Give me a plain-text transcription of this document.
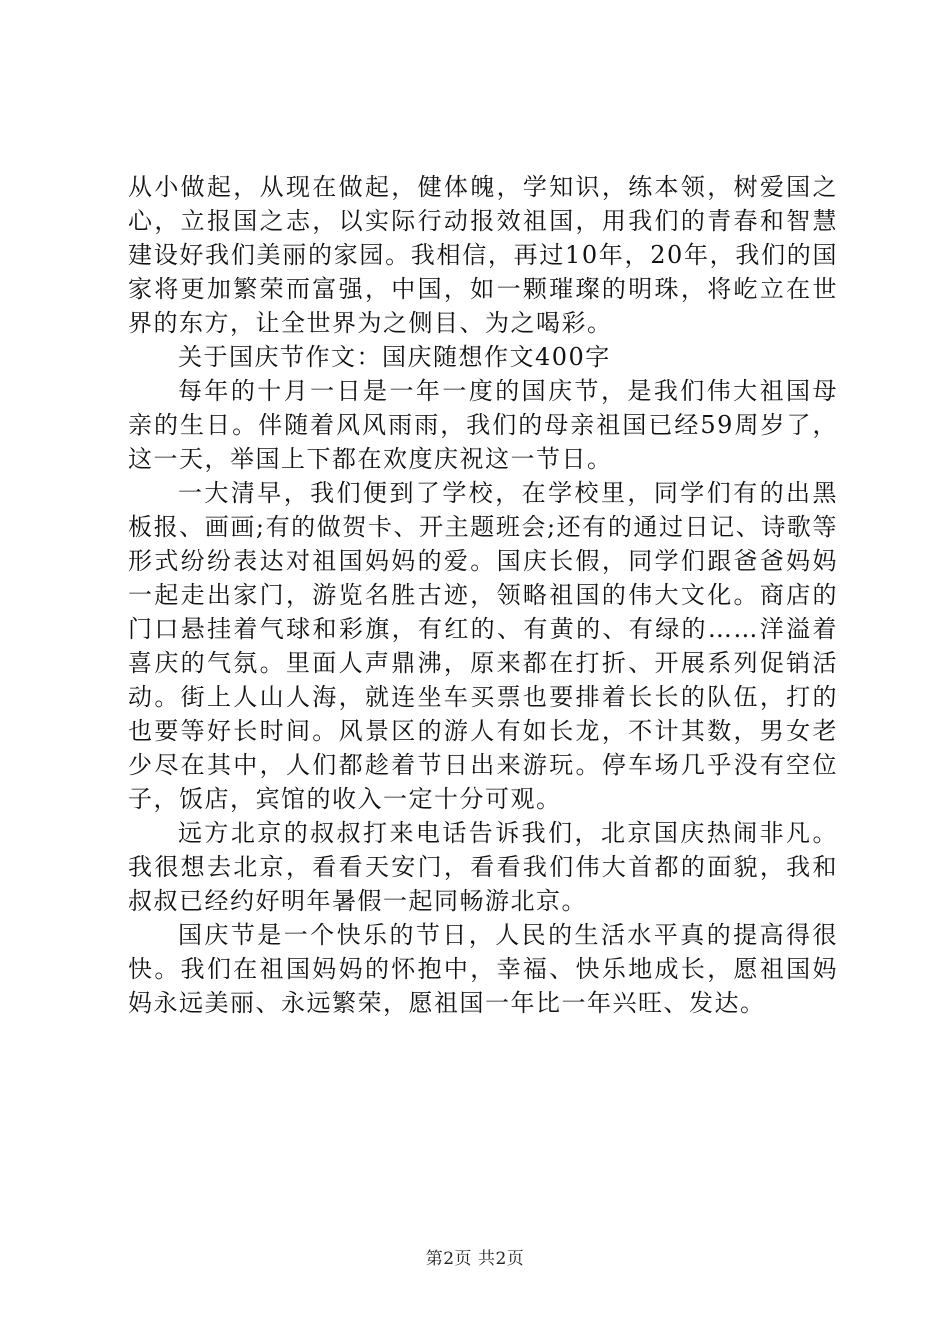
从小做起，从现在做起，健体魄，学知识，练本领，树爱国之心，立报国之志，以实际行动报效祖国，用我们的青春和智慧建设好我们美丽的家园。我相信，再过10年，20年，我们的国家将更加繁荣而富强，中国，如一颗璀璨的明珠，将屹立在世界的东方，让全世界为之侧目、为之喝彩。

关于国庆节作文：国庆随想作文400字

每年的十月一日是一年一度的国庆节，是我们伟大祖国母亲的生日。伴随着风风雨雨，我们的母亲祖国已经59周岁了，这一天，举国上下都在欢度庆祝这一节日。

一大清早，我们便到了学校，在学校里，同学们有的出黑板报、画画;有的做贺卡、开主题班会;还有的通过日记、诗歌等形式纷纷表达对祖国妈妈的爱。国庆长假，同学们跟爸爸妈妈一起走出家门，游览名胜古迹，领略祖国的伟大文化。商店的门口悬挂着气球和彩旗，有红的、有黄的、有绿的……洋溢着喜庆的气氛。里面人声鼎沸，原来都在打折、开展系列促销活动。街上人山人海，就连坐车买票也要排着长长的队伍，打的也要等好长时间。风景区的游人有如长龙，不计其数，男女老少尽在其中，人们都趁着节日出来游玩。停车场几乎没有空位子，饭店，宾馆的收入一定十分可观。

远方北京的叔叔打来电话告诉我们，北京国庆热闹非凡。我很想去北京，看看天安门，看看我们伟大首都的面貌，我和叔叔已经约好明年暑假一起同畅游北京。

国庆节是一个快乐的节日，人民的生活水平真的提高得很快。我们在祖国妈妈的怀抱中，幸福、快乐地成长，愿祖国妈妈永远美丽、永远繁荣，愿祖国一年比一年兴旺、发达。

第2页 共2页
